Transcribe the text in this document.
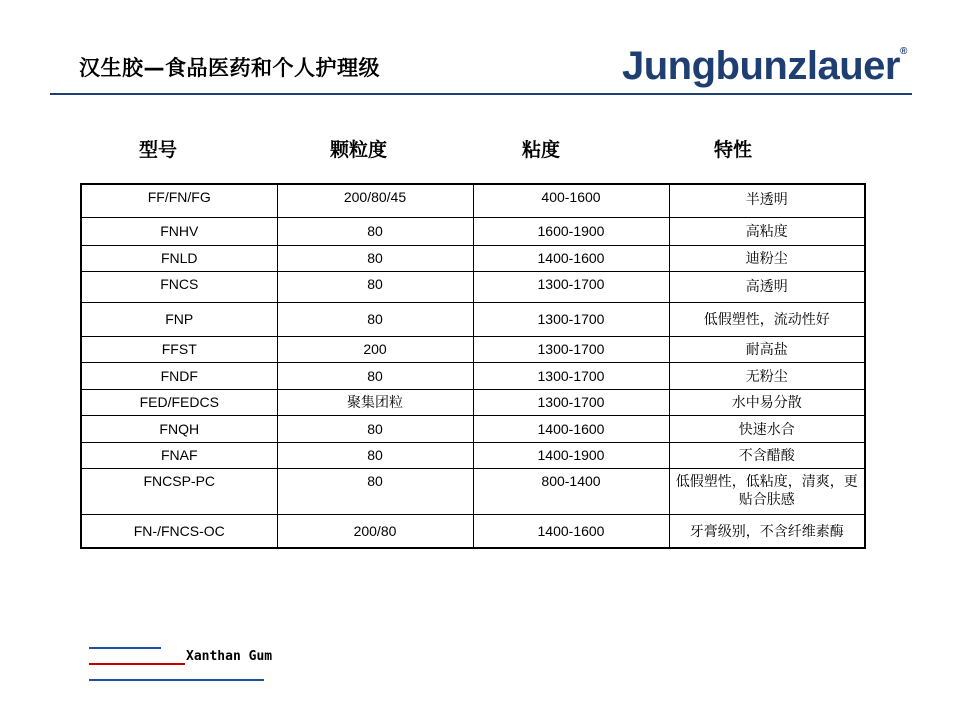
汉生胶—食品医药和个人护理级	Jungbunzlauer®
型号	颗粒度	粘度	特性
FF/FN/FG	200/80/45	400-1600	半透明
FNHV	80	1600-1900	高粘度
FNLD	80	1400-1600	迪粉尘
FNCS	80	1300-1700	高透明
FNP	80	1300-1700	低假塑性，流动性好
FFST	200	1300-1700	耐高盐
FNDF	80	1300-1700	无粉尘
FED/FEDCS	聚集团粒	1300-1700	水中易分散
FNQH	80	1400-1600	快速水合
FNAF	80	1400-1900	不含醋酸
FNCSP-PC	80	800-1400	低假塑性，低粘度，清爽，更贴合肤感
FN-/FNCS-OC	200/80	1400-1600	牙膏级别，不含纤维素酶
Xanthan Gum
